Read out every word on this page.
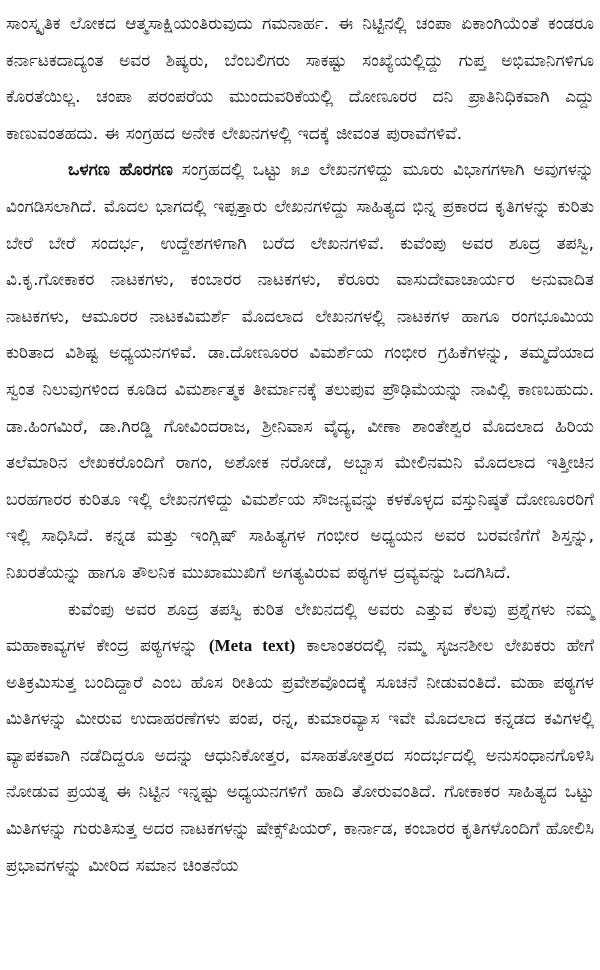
ಸಾಂಸ್ಕೃತಿಕ ಲೋಕದ ಆತ್ಮಸಾಕ್ಷಿಯಂತಿರುವುದು ಗಮನಾರ್ಹ. ಈ ನಿಟ್ಟಿನಲ್ಲಿ ಚಂಪಾ ಏಕಾಂಗಿಯೆಂತೆ ಕಂಡರೂ ಕರ್ನಾಟಕದಾದ್ಯಂತ ಅವರ ಶಿಷ್ಯರು, ಬೆಂಬಲಿಗರು ಸಾಕಷ್ಟು ಸಂಖ್ಯೆಯಲ್ಲಿದ್ದು ಗುಪ್ತ ಅಭಿಮಾನಿಗಳಿಗೂ ಕೊರತೆಯಿಲ್ಲ. ಚಂಪಾ ಪರಂಪರೆಯ ಮುಂದುವರಿಕೆಯಲ್ಲಿ ದೋಣೂರರ ದನಿ ಪ್ರಾತಿನಿಧಿಕವಾಗಿ ಎದ್ದು ಕಾಣುವಂತಹದು. ಈ ಸಂಗ್ರಹದ ಅನೇಕ ಲೇಖನಗಳಲ್ಲಿ ಇದಕ್ಕೆ ಜೀವಂತ ಪುರಾವೆಗಳಿವೆ.

ಒಳಗಣ ಹೊರಗಣ ಸಂಗ್ರಹದಲ್ಲಿ ಒಟ್ಟು ೫೨ ಲೇಖನಗಳಿದ್ದು ಮೂರು ವಿಭಾಗಗಳಾಗಿ ಅವುಗಳನ್ನು ವಿಂಗಡಿಸಲಾಗಿದೆ. ಮೊದಲ ಭಾಗದಲ್ಲಿ ಇಪ್ಪತ್ತಾರು ಲೇಖನಗಳಿದ್ದು ಸಾಹಿತ್ಯದ ಭಿನ್ನ ಪ್ರಕಾರದ ಕೃತಿಗಳನ್ನು ಕುರಿತು ಬೇರೆ ಬೇರೆ ಸಂದರ್ಭ, ಉದ್ದೇಶಗಳಿಗಾಗಿ ಬರೆದ ಲೇಖನಗಳಿವೆ. ಕುವೆಂಪು ಅವರ ಶೂದ್ರ ತಪಸ್ವಿ, ವಿ.ಕೃ.ಗೋಕಾಕರ ನಾಟಕಗಳು, ಕಂಬಾರರ ನಾಟಕಗಳು, ಕೆರೂರು ವಾಸುದೇವಾಚಾರ್ಯರ ಅನುವಾದಿತ ನಾಟಕಗಳು, ಆಮೂರರ ನಾಟಕವಿಮರ್ಶೆ ಮೊದಲಾದ ಲೇಖನಗಳಲ್ಲಿ ನಾಟಕಗಳ ಹಾಗೂ ರಂಗಭೂಮಿಯ ಕುರಿತಾದ ವಿಶಿಷ್ಟ ಅಧ್ಯಯನಗಳಿವೆ. ಡಾ.ದೋಣೂರರ ವಿಮರ್ಶೆಯ ಗಂಭೀರ ಗ್ರಹಿಕೆಗಳನ್ನು, ತಮ್ಮದೆಯಾದ ಸ್ವಂತ ನಿಲುವುಗಳಿಂದ ಕೂಡಿದ ವಿಮರ್ಶಾತ್ಮಕ ತೀರ್ಮಾನಕ್ಕೆ ತಲುಪುವ ಪ್ರೌಢಿಮೆಯನ್ನು ನಾವಿಲ್ಲಿ ಕಾಣಬಹುದು. ಡಾ.ಹಿಂಗಮಿರೆ, ಡಾ.ಗಿರಡ್ಡಿ ಗೋವಿಂದರಾಜ, ಶ್ರೀನಿವಾಸ ವೈದ್ಯ, ವೀಣಾ ಶಾಂತೇಶ್ವರ ಮೊದಲಾದ ಹಿರಿಯ ತಲೆಮಾರಿನ ಲೇಖಕರೊಂದಿಗೆ ರಾಗಂ, ಅಶೋಕ ನರೋಡೆ, ಅಬ್ಬಾಸ ಮೇಲಿನಮನಿ ಮೊದಲಾದ ಇತ್ತೀಚಿನ ಬರಹಗಾರರ ಕುರಿತೂ ಇಲ್ಲಿ ಲೇಖನಗಳಿದ್ದು ವಿಮರ್ಶೆಯ ಸೌಜನ್ಯವನ್ನು ಕಳಕೊಳ್ಳದ ವಸ್ತುನಿಷ್ಠತೆ ದೋಣೂರರಿಗೆ ಇಲ್ಲಿ ಸಾಧಿಸಿದೆ. ಕನ್ನಡ ಮತ್ತು ಇಂಗ್ಲಿಷ್ ಸಾಹಿತ್ಯಗಳ ಗಂಭೀರ ಅಧ್ಯಯನ ಅವರ ಬರವಣಿಗೆಗೆ ಶಿಸ್ತನ್ನು, ನಿಖರತೆಯನ್ನು ಹಾಗೂ ತೌಲನಿಕ ಮುಖಾಮುಖಿಗೆ ಅಗತ್ಯವಿರುವ ಪಠ್ಯಗಳ ದ್ರವ್ಯವನ್ನು ಒದಗಿಸಿದೆ.

ಕುವೆಂಪು ಅವರ ಶೂದ್ರ ತಪಸ್ವಿ ಕುರಿತ ಲೇಖನದಲ್ಲಿ ಅವರು ಎತ್ತುವ ಕೆಲವು ಪ್ರಶ್ನೆಗಳು ನಮ್ಮ ಮಹಾಕಾವ್ಯಗಳ ಕೇಂದ್ರ ಪಠ್ಯಗಳನ್ನು (Meta text) ಕಾಲಾಂತರದಲ್ಲಿ ನಮ್ಮ ಸೃಜನಶೀಲ ಲೇಖಕರು ಹೇಗೆ ಅತಿಕ್ರಮಿಸುತ್ತ ಬಂದಿದ್ದಾರೆ ಎಂಬ ಹೊಸ ರೀತಿಯ ಪ್ರವೇಶವೊಂದಕ್ಕೆ ಸೂಚನೆ ನೀಡುವಂತಿದೆ. ಮಹಾ ಪಠ್ಯಗಳ ಮಿತಿಗಳನ್ನು ಮೀರುವ ಉದಾಹರಣೆಗಳು ಪಂಪ, ರನ್ನ, ಕುಮಾರವ್ಯಾಸ ಇವೇ ಮೊದಲಾದ ಕನ್ನಡದ ಕವಿಗಳಲ್ಲಿ ವ್ಯಾಪಕವಾಗಿ ನಡೆದಿದ್ದರೂ ಅದನ್ನು ಆಧುನಿಕೋತ್ತರ, ವಸಾಹತೋತ್ತರದ ಸಂದರ್ಭದಲ್ಲಿ ಅನುಸಂಧಾನಗೊಳಿಸಿ ನೋಡುವ ಪ್ರಯತ್ನ ಈ ನಿಟ್ಟಿನ ಇನ್ನಷ್ಟು ಅಧ್ಯಯನಗಳಿಗೆ ಹಾದಿ ತೋರುವಂತಿದೆ. ಗೋಕಾಕರ ಸಾಹಿತ್ಯದ ಒಟ್ಟು ಮಿತಿಗಳನ್ನು ಗುರುತಿಸುತ್ತ ಅದರ ನಾಟಕಗಳನ್ನು ಷೇಕ್ಸ್‌ಪಿಯರ್, ಕಾರ್ನಾಡ, ಕಂಬಾರರ ಕೃತಿಗಳೊಂದಿಗೆ ಹೋಲಿಸಿ ಪ್ರಭಾವಗಳನ್ನು ಮೀರಿದ ಸಮಾನ ಚಿಂತನೆಯ
